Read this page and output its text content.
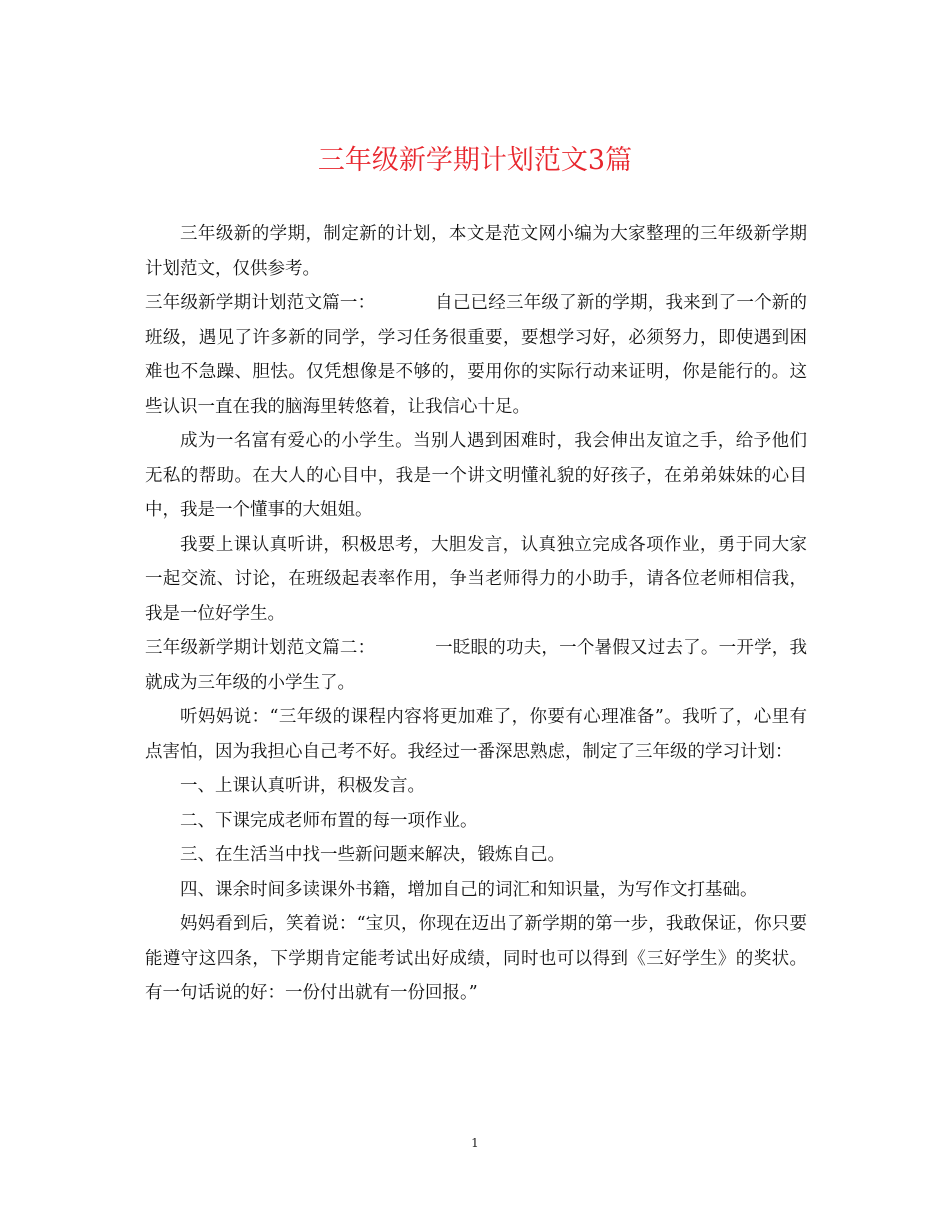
三年级新学期计划范文3篇

三年级新的学期，制定新的计划，本文是范文网小编为大家整理的三年级新学期计划范文，仅供参考。

三年级新学期计划范文篇一：	自己已经三年级了新的学期，我来到了一个新的班级，遇见了许多新的同学，学习任务很重要，要想学习好，必须努力，即使遇到困难也不急躁、胆怯。仅凭想像是不够的，要用你的实际行动来证明，你是能行的。这些认识一直在我的脑海里转悠着，让我信心十足。

成为一名富有爱心的小学生。当别人遇到困难时，我会伸出友谊之手，给予他们无私的帮助。在大人的心目中，我是一个讲文明懂礼貌的好孩子，在弟弟妹妹的心目中，我是一个懂事的大姐姐。

我要上课认真听讲，积极思考，大胆发言，认真独立完成各项作业，勇于同大家一起交流、讨论，在班级起表率作用，争当老师得力的小助手，请各位老师相信我，我是一位好学生。

三年级新学期计划范文篇二：	一眨眼的功夫，一个暑假又过去了。一开学，我就成为三年级的小学生了。

听妈妈说：“三年级的课程内容将更加难了，你要有心理准备”。我听了，心里有点害怕，因为我担心自己考不好。我经过一番深思熟虑，制定了三年级的学习计划：

一、上课认真听讲，积极发言。

二、下课完成老师布置的每一项作业。

三、在生活当中找一些新问题来解决，锻炼自己。

四、课余时间多读课外书籍，增加自己的词汇和知识量，为写作文打基础。

妈妈看到后，笑着说：“宝贝，你现在迈出了新学期的第一步，我敢保证，你只要能遵守这四条，下学期肯定能考试出好成绩，同时也可以得到《三好学生》的奖状。有一句话说的好：一份付出就有一份回报。”

1
